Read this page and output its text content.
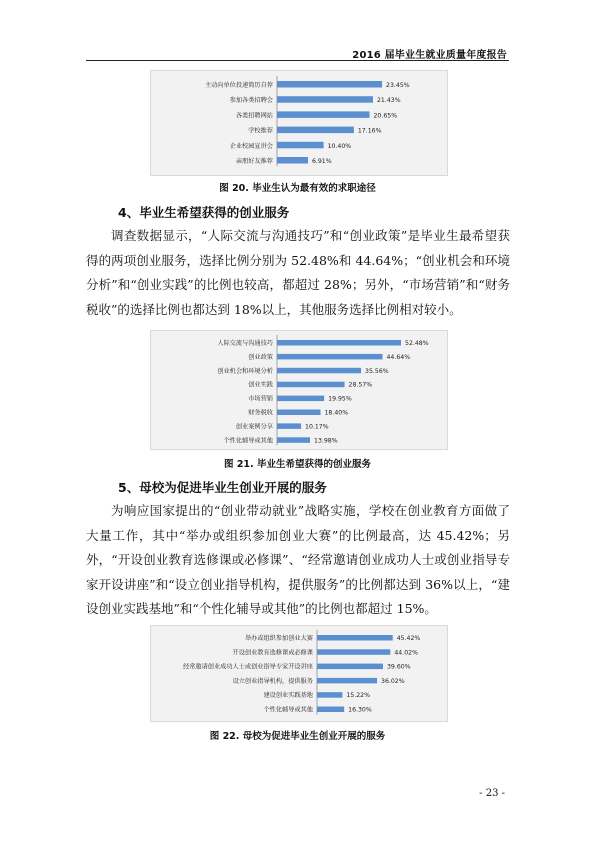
2016 届毕业生就业质量年度报告
主动向单位投递简历自荐	23.45%
参加各类招聘会	21.43%
各类招聘网站	20.65%
学校推荐	17.16%
企业校园宣讲会	10.40%
亲朋好友推荐	6.91%
图 20. 毕业生认为最有效的求职途径
4、毕业生希望获得的创业服务
调查数据显示，“人际交流与沟通技巧”和“创业政策”是毕业生最希望获得的两项创业服务，选择比例分别为 52.48%和 44.64%；“创业机会和环境分析”和“创业实践”的比例也较高，都超过 28%；另外，“市场营销”和“财务税收”的选择比例也都达到 18%以上，其他服务选择比例相对较小。
人际交流与沟通技巧	52.48%
创业政策	44.64%
创业机会和环境分析	35.56%
创业实践	28.57%
市场营销	19.95%
财务税收	18.40%
创业案例分享	10.17%
个性化辅导或其他	13.98%
图 21. 毕业生希望获得的创业服务
5、母校为促进毕业生创业开展的服务
为响应国家提出的“创业带动就业”战略实施，学校在创业教育方面做了大量工作，其中“举办或组织参加创业大赛”的比例最高，达 45.42%；另外，“开设创业教育选修课或必修课”、“经常邀请创业成功人士或创业指导专家开设讲座”和“设立创业指导机构，提供服务”的比例都达到 36%以上，“建设创业实践基地”和“个性化辅导或其他”的比例也都超过 15%。
举办或组织参加创业大赛	45.42%
开设创业教育选修课或必修课	44.02%
经常邀请创业成功人士或创业指导专家开设讲座	39.60%
设立创业指导机构，提供服务	36.02%
建设创业实践基地	15.22%
个性化辅导或其他	16.30%
图 22. 母校为促进毕业生创业开展的服务
- 23 -
